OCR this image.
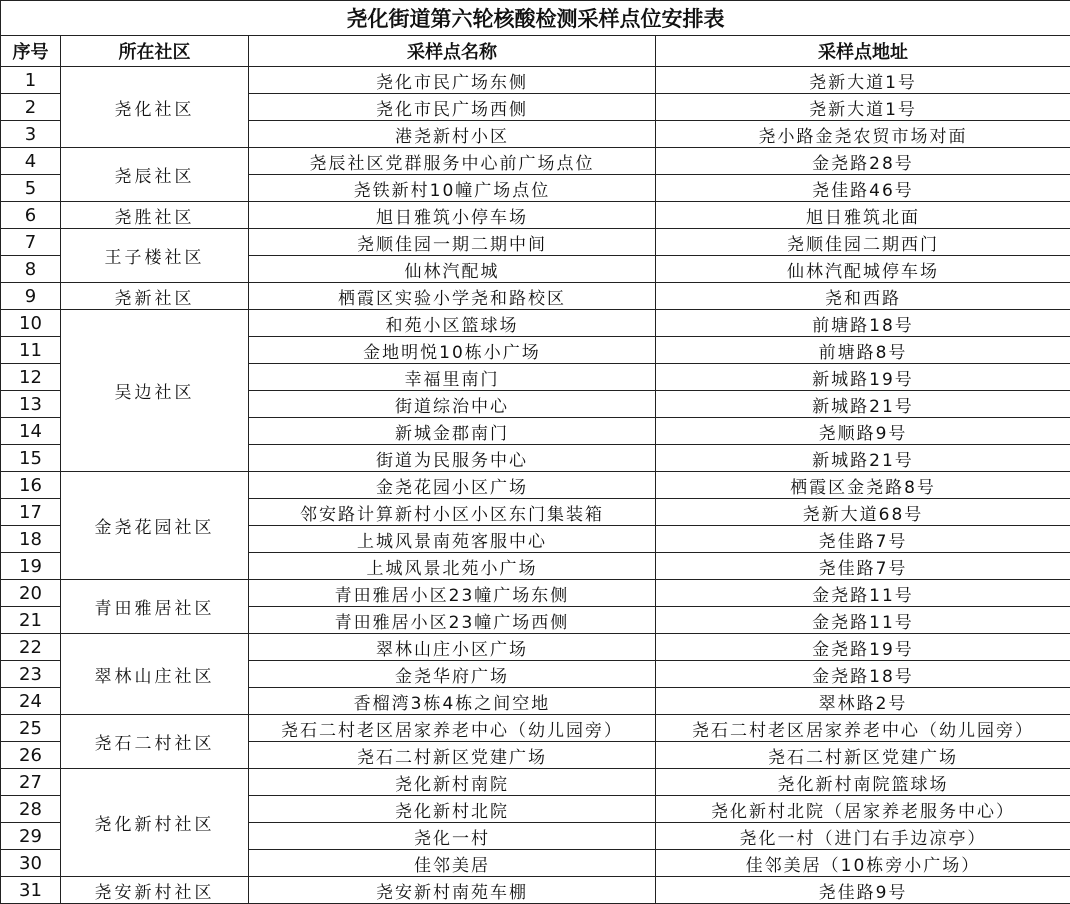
尧化街道第六轮核酸检测采样点位安排表			
序号	所在社区	采样点名称	采样点地址
1	尧化社区	尧化市民广场东侧	尧新大道1号
2		尧化市民广场西侧	尧新大道1号
3		港尧新村小区	尧小路金尧农贸市场对面
4	尧辰社区	尧辰社区党群服务中心前广场点位	金尧路28号
5		尧铁新村10幢广场点位	尧佳路46号
6	尧胜社区	旭日雅筑小停车场	旭日雅筑北面
7	王子楼社区	尧顺佳园一期二期中间	尧顺佳园二期西门
8		仙林汽配城	仙林汽配城停车场
9	尧新社区	栖霞区实验小学尧和路校区	尧和西路
10	吴边社区	和苑小区篮球场	前塘路18号
11		金地明悦10栋小广场	前塘路8号
12		幸福里南门	新城路19号
13		街道综治中心	新城路21号
14		新城金郡南门	尧顺路9号
15		街道为民服务中心	新城路21号
16	金尧花园社区	金尧花园小区广场	栖霞区金尧路8号
17		邻安路计算新村小区小区东门集装箱	尧新大道68号
18		上城风景南苑客服中心	尧佳路7号
19		上城风景北苑小广场	尧佳路7号
20	青田雅居社区	青田雅居小区23幢广场东侧	金尧路11号
21		青田雅居小区23幢广场西侧	金尧路11号
22	翠林山庄社区	翠林山庄小区广场	金尧路19号
23		金尧华府广场	金尧路18号
24		香榴湾3栋4栋之间空地	翠林路2号
25	尧石二村社区	尧石二村老区居家养老中心（幼儿园旁）	尧石二村老区居家养老中心（幼儿园旁）
26		尧石二村新区党建广场	尧石二村新区党建广场
27	尧化新村社区	尧化新村南院	尧化新村南院篮球场
28		尧化新村北院	尧化新村北院（居家养老服务中心）
29		尧化一村	尧化一村（进门右手边凉亭）
30		佳邻美居	佳邻美居（10栋旁小广场）
31	尧安新村社区	尧安新村南苑车棚	尧佳路9号
